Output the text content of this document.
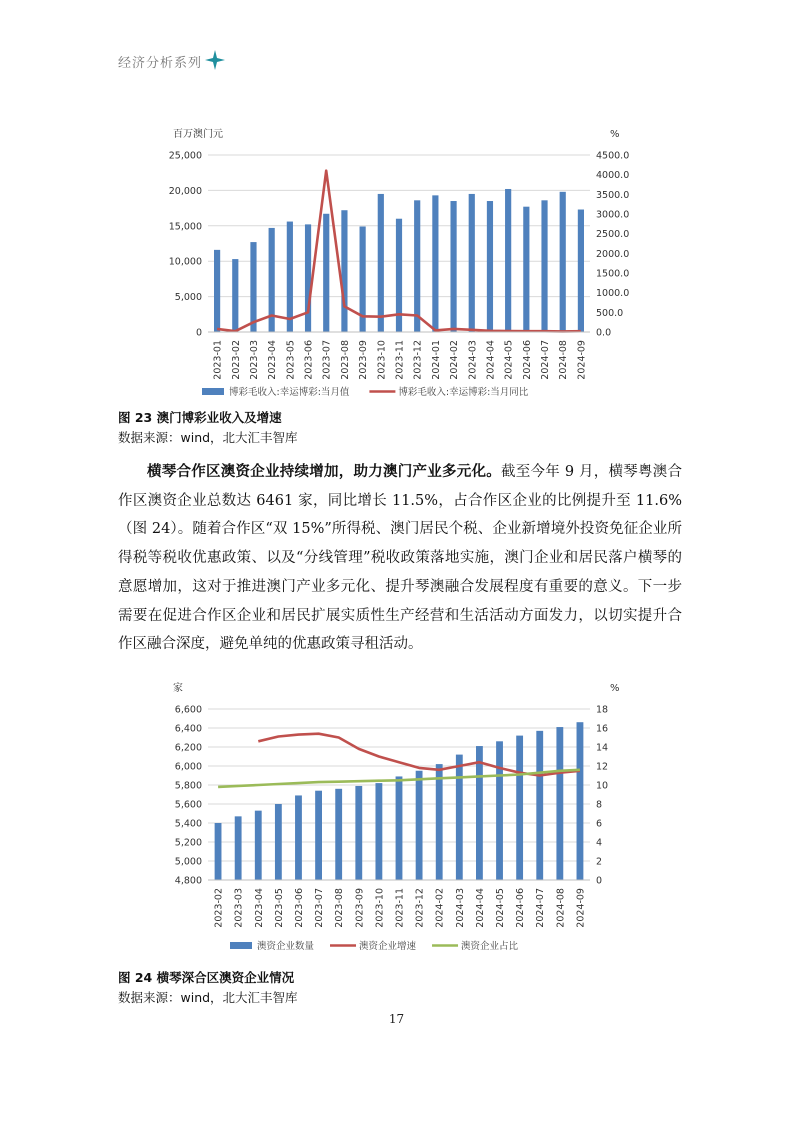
经济分析系列
百万澳门元	%
0
5,000
10,000
15,000
20,000
25,000
0.0
500.0
1000.0
1500.0
2000.0
2500.0
3000.0
3500.0
4000.0
4500.0
2023-01 2023-02 2023-03 2023-04 2023-05 2023-06 2023-07 2023-08 2023-09 2023-10 2023-11 2023-12 2024-01 2024-02 2024-03 2024-04 2024-05 2024-06 2024-07 2024-08 2024-09
博彩毛收入:幸运博彩:当月值	博彩毛收入:幸运博彩:当月同比
图 23 澳门博彩业收入及增速
数据来源：wind，北大汇丰智库
横琴合作区澳资企业持续增加，助力澳门产业多元化。截至今年 9 月，横琴粤澳合作区澳资企业总数达 6461 家，同比增长 11.5%，占合作区企业的比例提升至 11.6%（图 24）。随着合作区“双 15%”所得税、澳门居民个税、企业新增境外投资免征企业所得税等税收优惠政策、以及“分线管理”税收政策落地实施，澳门企业和居民落户横琴的意愿增加，这对于推进澳门产业多元化、提升琴澳融合发展程度有重要的意义。下一步需要在促进合作区企业和居民扩展实质性生产经营和生活活动方面发力，以切实提升合作区融合深度，避免单纯的优惠政策寻租活动。
家	%
4,800
5,000
5,200
5,400
5,600
5,800
6,000
6,200
6,400
6,600
0
2
4
6
8
10
12
14
16
18
2023-02 2023-03 2023-04 2023-05 2023-06 2023-07 2023-08 2023-09 2023-10 2023-11 2023-12 2024-02 2024-03 2024-04 2024-05 2024-06 2024-07 2024-08 2024-09
澳资企业数量	澳资企业增速	澳资企业占比
图 24 横琴深合区澳资企业情况
数据来源：wind，北大汇丰智库
17
